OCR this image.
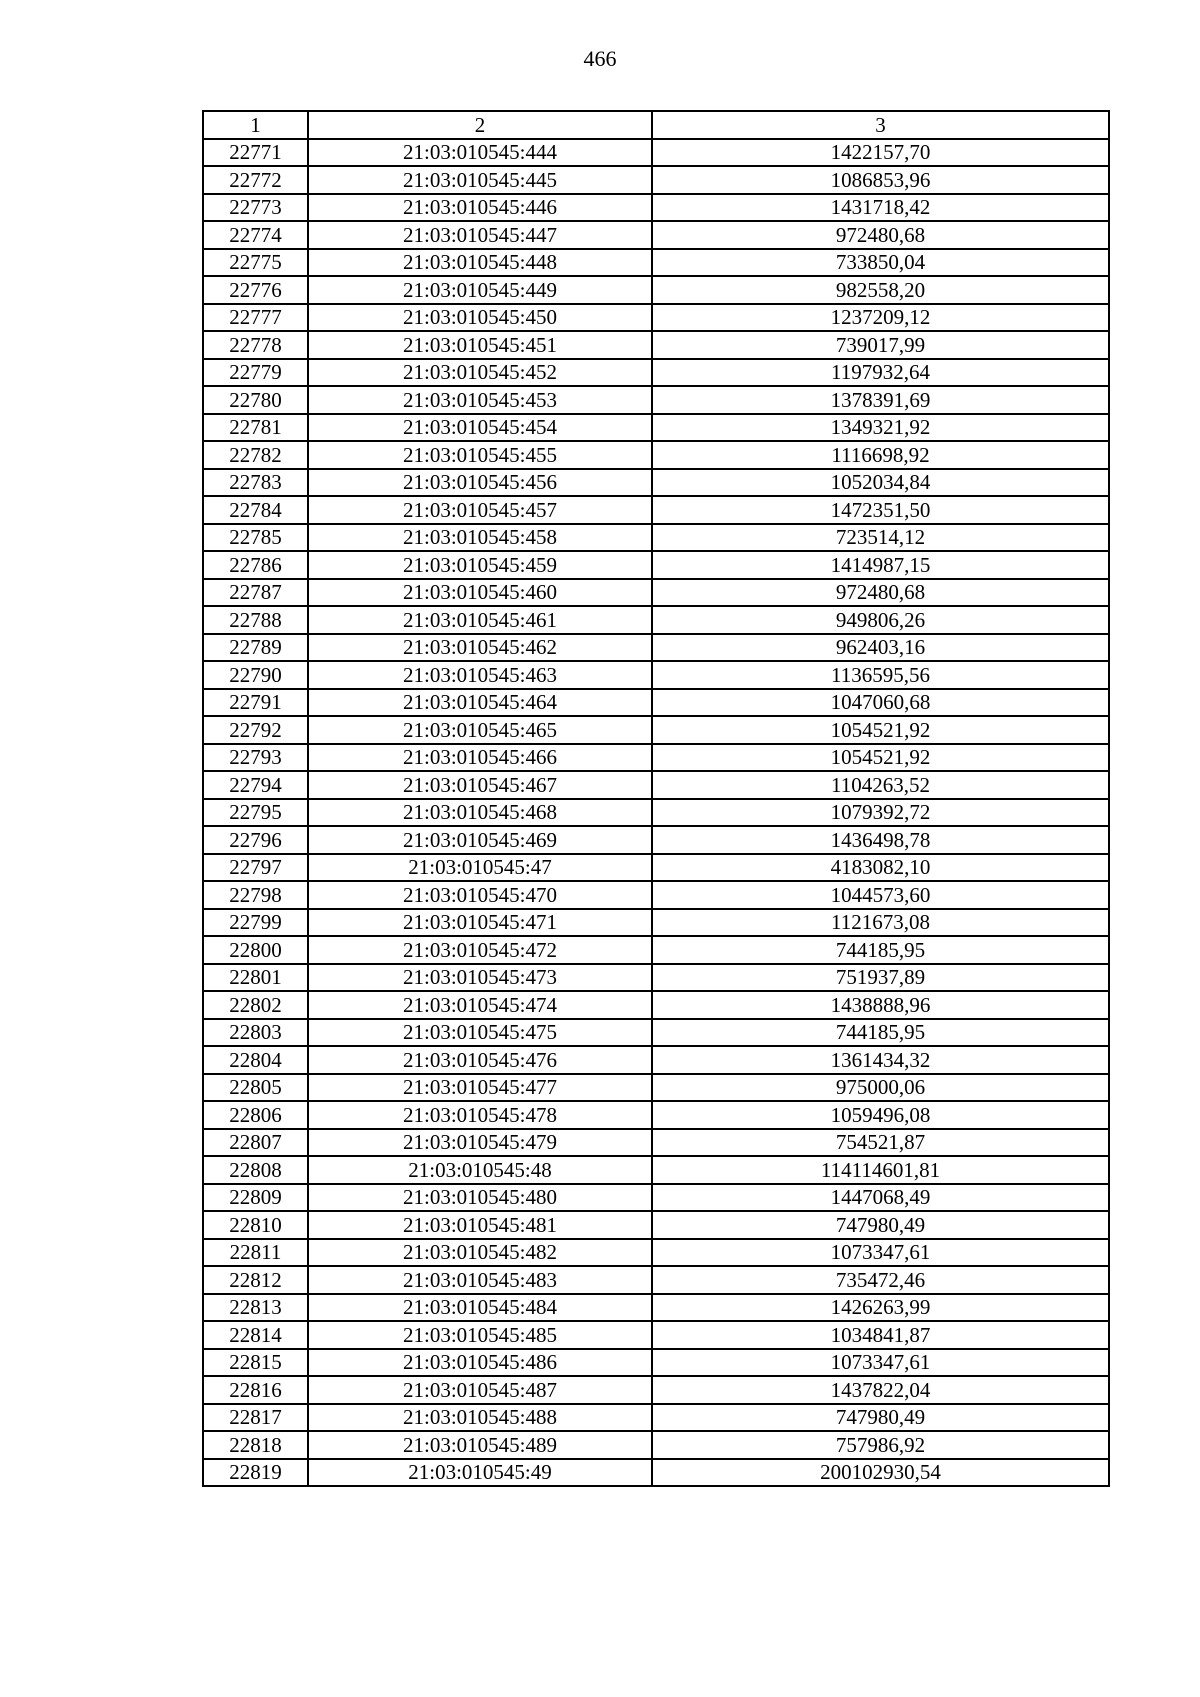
466
1	2	3
22771	21:03:010545:444	1422157,70
22772	21:03:010545:445	1086853,96
22773	21:03:010545:446	1431718,42
22774	21:03:010545:447	972480,68
22775	21:03:010545:448	733850,04
22776	21:03:010545:449	982558,20
22777	21:03:010545:450	1237209,12
22778	21:03:010545:451	739017,99
22779	21:03:010545:452	1197932,64
22780	21:03:010545:453	1378391,69
22781	21:03:010545:454	1349321,92
22782	21:03:010545:455	1116698,92
22783	21:03:010545:456	1052034,84
22784	21:03:010545:457	1472351,50
22785	21:03:010545:458	723514,12
22786	21:03:010545:459	1414987,15
22787	21:03:010545:460	972480,68
22788	21:03:010545:461	949806,26
22789	21:03:010545:462	962403,16
22790	21:03:010545:463	1136595,56
22791	21:03:010545:464	1047060,68
22792	21:03:010545:465	1054521,92
22793	21:03:010545:466	1054521,92
22794	21:03:010545:467	1104263,52
22795	21:03:010545:468	1079392,72
22796	21:03:010545:469	1436498,78
22797	21:03:010545:47	4183082,10
22798	21:03:010545:470	1044573,60
22799	21:03:010545:471	1121673,08
22800	21:03:010545:472	744185,95
22801	21:03:010545:473	751937,89
22802	21:03:010545:474	1438888,96
22803	21:03:010545:475	744185,95
22804	21:03:010545:476	1361434,32
22805	21:03:010545:477	975000,06
22806	21:03:010545:478	1059496,08
22807	21:03:010545:479	754521,87
22808	21:03:010545:48	114114601,81
22809	21:03:010545:480	1447068,49
22810	21:03:010545:481	747980,49
22811	21:03:010545:482	1073347,61
22812	21:03:010545:483	735472,46
22813	21:03:010545:484	1426263,99
22814	21:03:010545:485	1034841,87
22815	21:03:010545:486	1073347,61
22816	21:03:010545:487	1437822,04
22817	21:03:010545:488	747980,49
22818	21:03:010545:489	757986,92
22819	21:03:010545:49	200102930,54
